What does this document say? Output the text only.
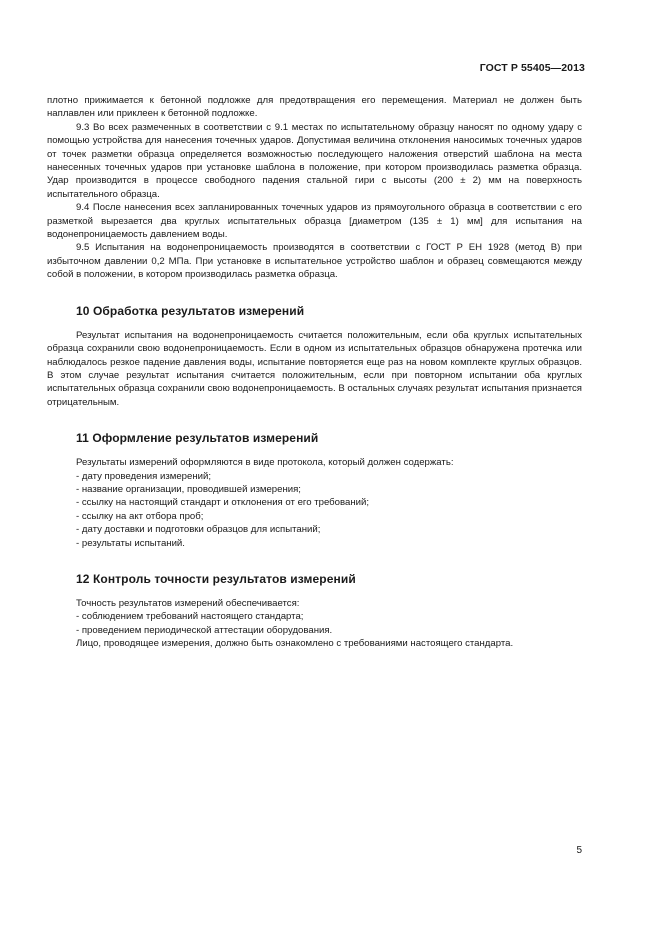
ГОСТ Р 55405—2013

плотно прижимается к бетонной подложке для предотвращения его перемещения. Материал не должен быть наплавлен или приклеен к бетонной подложке.

9.3 Во всех размеченных в соответствии с 9.1 местах по испытательному образцу наносят по одному удару с помощью устройства для нанесения точечных ударов. Допустимая величина отклонения наносимых точечных ударов от точек разметки образца определяется возможностью последующего наложения отверстий шаблона на места нанесенных точечных ударов при установке шаблона в положение, при котором производилась разметка образца. Удар производится в процессе свободного падения стальной гири с высоты (200 ± 2) мм на поверхность испытательного образца.

9.4 После нанесения всех запланированных точечных ударов из прямоугольного образца в соответствии с его разметкой вырезается два круглых испытательных образца [диаметром (135 ± 1) мм] для испытания на водонепроницаемость давлением воды.

9.5 Испытания на водонепроницаемость производятся в соответствии с ГОСТ Р ЕН 1928 (метод В) при избыточном давлении 0,2 МПа. При установке в испытательное устройство шаблон и образец совмещаются между собой в положении, в котором производилась разметка образца.

10 Обработка результатов измерений

Результат испытания на водонепроницаемость считается положительным, если оба круглых испытательных образца сохранили свою водонепроницаемость. Если в одном из испытательных образцов обнаружена протечка или наблюдалось резкое падение давления воды, испытание повторяется еще раз на новом комплекте круглых образцов. В этом случае результат испытания считается положительным, если при повторном испытании оба круглых испытательных образца сохранили свою водонепроницаемость. В остальных случаях результат испытания признается отрицательным.

11 Оформление результатов измерений

Результаты измерений оформляются в виде протокола, который должен содержать:

- дату проведения измерений;

- название организации, проводившей измерения;

- ссылку на настоящий стандарт и отклонения от его требований;

- ссылку на акт отбора проб;

- дату доставки и подготовки образцов для испытаний;

- результаты испытаний.

12 Контроль точности результатов измерений

Точность результатов измерений обеспечивается:

- соблюдением требований настоящего стандарта;

- проведением периодической аттестации оборудования.

Лицо, проводящее измерения, должно быть ознакомлено с требованиями настоящего стандарта.

5
